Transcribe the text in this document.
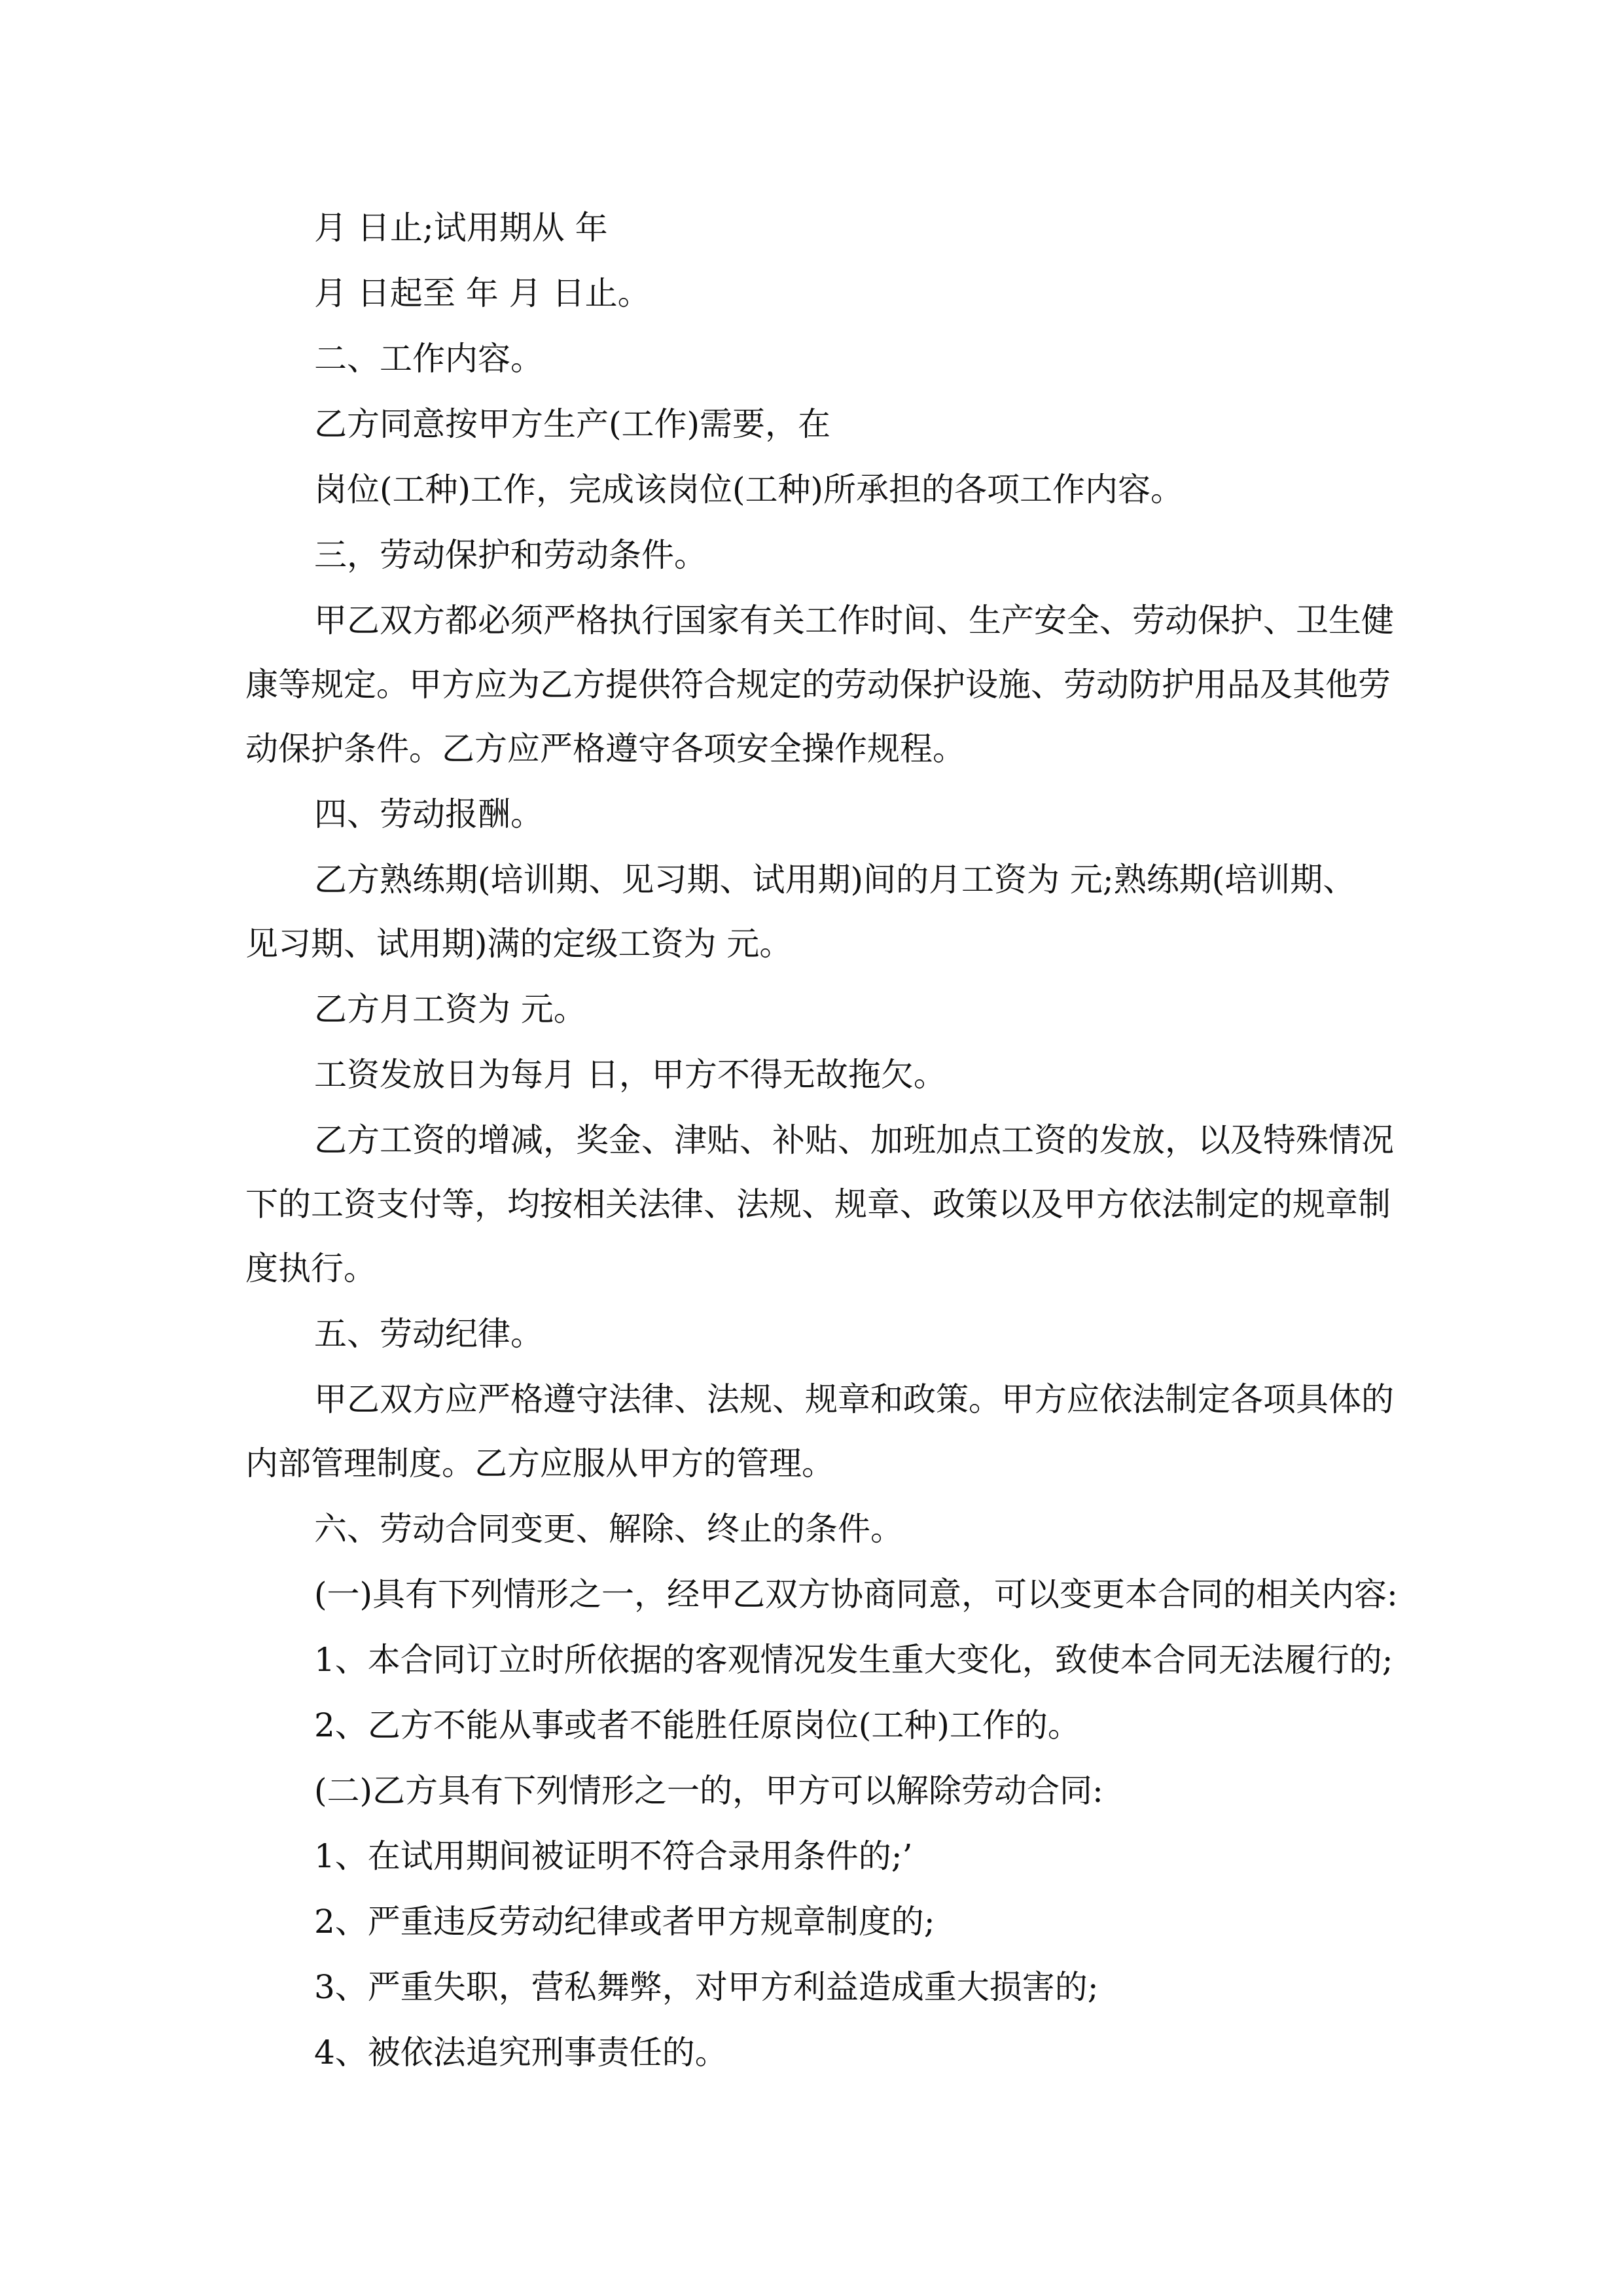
月 日止;试用期从 年
月 日起至 年 月 日止。
二、工作内容。
乙方同意按甲方生产(工作)需要，在
岗位(工种)工作，完成该岗位(工种)所承担的各项工作内容。
三，劳动保护和劳动条件。
甲乙双方都必须严格执行国家有关工作时间、生产安全、劳动保护、卫生健
康等规定。甲方应为乙方提供符合规定的劳动保护设施、劳动防护用品及其他劳
动保护条件。乙方应严格遵守各项安全操作规程。
四、劳动报酬。
乙方熟练期(培训期、见习期、试用期)间的月工资为 元;熟练期(培训期、
见习期、试用期)满的定级工资为 元。
乙方月工资为 元。
工资发放日为每月 日，甲方不得无故拖欠。
乙方工资的增减，奖金、津贴、补贴、加班加点工资的发放，以及特殊情况
下的工资支付等，均按相关法律、法规、规章、政策以及甲方依法制定的规章制
度执行。
五、劳动纪律。
甲乙双方应严格遵守法律、法规、规章和政策。甲方应依法制定各项具体的
内部管理制度。乙方应服从甲方的管理。
六、劳动合同变更、解除、终止的条件。
(一)具有下列情形之一，经甲乙双方协商同意，可以变更本合同的相关内容:
1、本合同订立时所依据的客观情况发生重大变化，致使本合同无法履行的;
2、乙方不能从事或者不能胜任原岗位(工种)工作的。
(二)乙方具有下列情形之一的，甲方可以解除劳动合同:
1、在试用期间被证明不符合录用条件的;’
2、严重违反劳动纪律或者甲方规章制度的;
3、严重失职，营私舞弊，对甲方利益造成重大损害的;
4、被依法追究刑事责任的。
